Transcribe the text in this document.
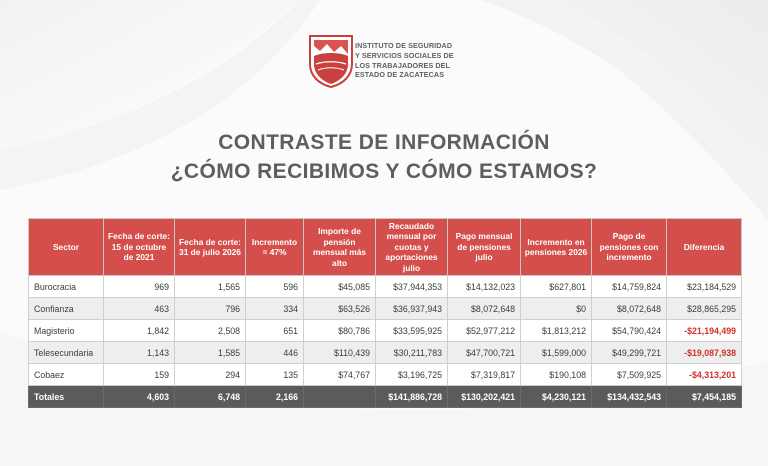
INSTITUTO DE SEGURIDAD
Y SERVICIOS SOCIALES DE
LOS TRABAJADORES DEL
ESTADO DE ZACATECAS
CONTRASTE DE INFORMACIÓN
¿CÓMO RECIBIMOS Y CÓMO ESTAMOS?
Sector	Fecha de corte: 15 de octubre de 2021	Fecha de corte: 31 de julio 2026	Incremento = 47%	Importe de pensión mensual más alto	Recaudado mensual por cuotas y aportaciones julio	Pago mensual de pensiones julio	Incremento en pensiones 2026	Pago de pensiones con incremento	Diferencia
Burocracia	969	1,565	596	$45,085	$37,944,353	$14,132,023	$627,801	$14,759,824	$23,184,529
Confianza	463	796	334	$63,526	$36,937,943	$8,072,648	$0	$8,072,648	$28,865,295
Magisterio	1,842	2,508	651	$80,786	$33,595,925	$52,977,212	$1,813,212	$54,790,424	-$21,194,499
Telesecundaria	1,143	1,585	446	$110,439	$30,211,783	$47,700,721	$1,599,000	$49,299,721	-$19,087,938
Cobaez	159	294	135	$74,767	$3,196,725	$7,319,817	$190,108	$7,509,925	-$4,313,201
Totales	4,603	6,748	2,166		$141,886,728	$130,202,421	$4,230,121	$134,432,543	$7,454,185
